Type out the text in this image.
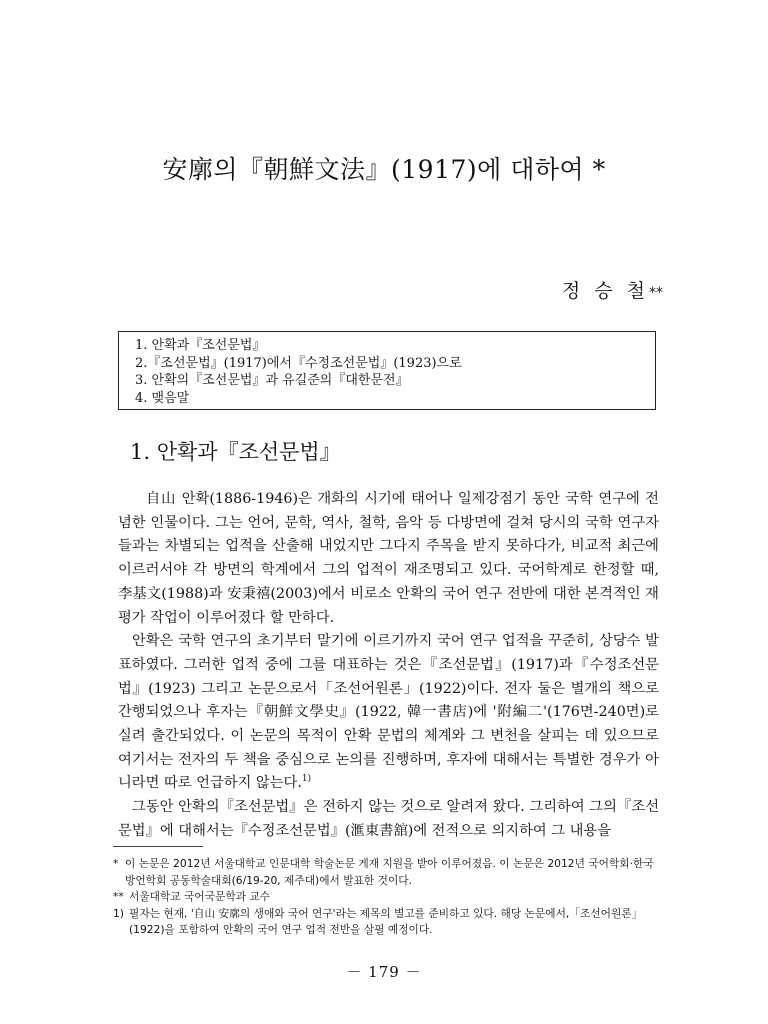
安廓의『朝鮮文法』(1917)에 대하여 *
정 승 철**
1. 안확과『조선문법』
2.『조선문법』(1917)에서『수정조선문법』(1923)으로
3. 안확의『조선문법』과 유길준의『대한문전』
4. 맺음말
1. 안확과『조선문법』

自山 안확(1886-1946)은 개화의 시기에 태어나 일제강점기 동안 국학 연구에 전념한 인물이다. 그는 언어, 문학, 역사, 철학, 음악 등 다방면에 걸쳐 당시의 국학 연구자들과는 차별되는 업적을 산출해 내었지만 그다지 주목을 받지 못하다가, 비교적 최근에 이르러서야 각 방면의 학계에서 그의 업적이 재조명되고 있다. 국어학계로 한정할 때, 李基文(1988)과 安秉禧(2003)에서 비로소 안확의 국어 연구 전반에 대한 본격적인 재평가 작업이 이루어졌다 할 만하다.

안확은 국학 연구의 초기부터 말기에 이르기까지 국어 연구 업적을 꾸준히, 상당수 발표하였다. 그러한 업적 중에 그를 대표하는 것은『조선문법』(1917)과『수정조선문법』(1923) 그리고 논문으로서「조선어원론」(1922)이다. 전자 둘은 별개의 책으로 간행되었으나 후자는『朝鮮文學史』(1922, 韓一書店)에 '附編二'(176면-240면)로 실려 출간되었다. 이 논문의 목적이 안확 문법의 체계와 그 변천을 살피는 데 있으므로 여기서는 전자의 두 책을 중심으로 논의를 진행하며, 후자에 대해서는 특별한 경우가 아니라면 따로 언급하지 않는다.$^{1)}$

그동안 안확의『조선문법』은 전하지 않는 것으로 알려져 왔다. 그리하여 그의『조선문법』에 대해서는『수정조선문법』(滙東書舘)에 전적으로 의지하여 그 내용을

* 이 논문은 2012년 서울대학교 인문대학 학술논문 게재 지원을 받아 이루어졌음. 이 논문은 2012년 국어학회·한국방언학회 공동학술대회(6/19-20, 제주대)에서 발표한 것이다.
** 서울대학교 국어국문학과 교수
1) 필자는 현재, '自山 安廓의 생애와 국어 연구'라는 제목의 별고를 준비하고 있다. 해당 논문에서,「조선어원론」(1922)을 포함하여 안확의 국어 연구 업적 전반을 살필 예정이다.
－ 179 －
